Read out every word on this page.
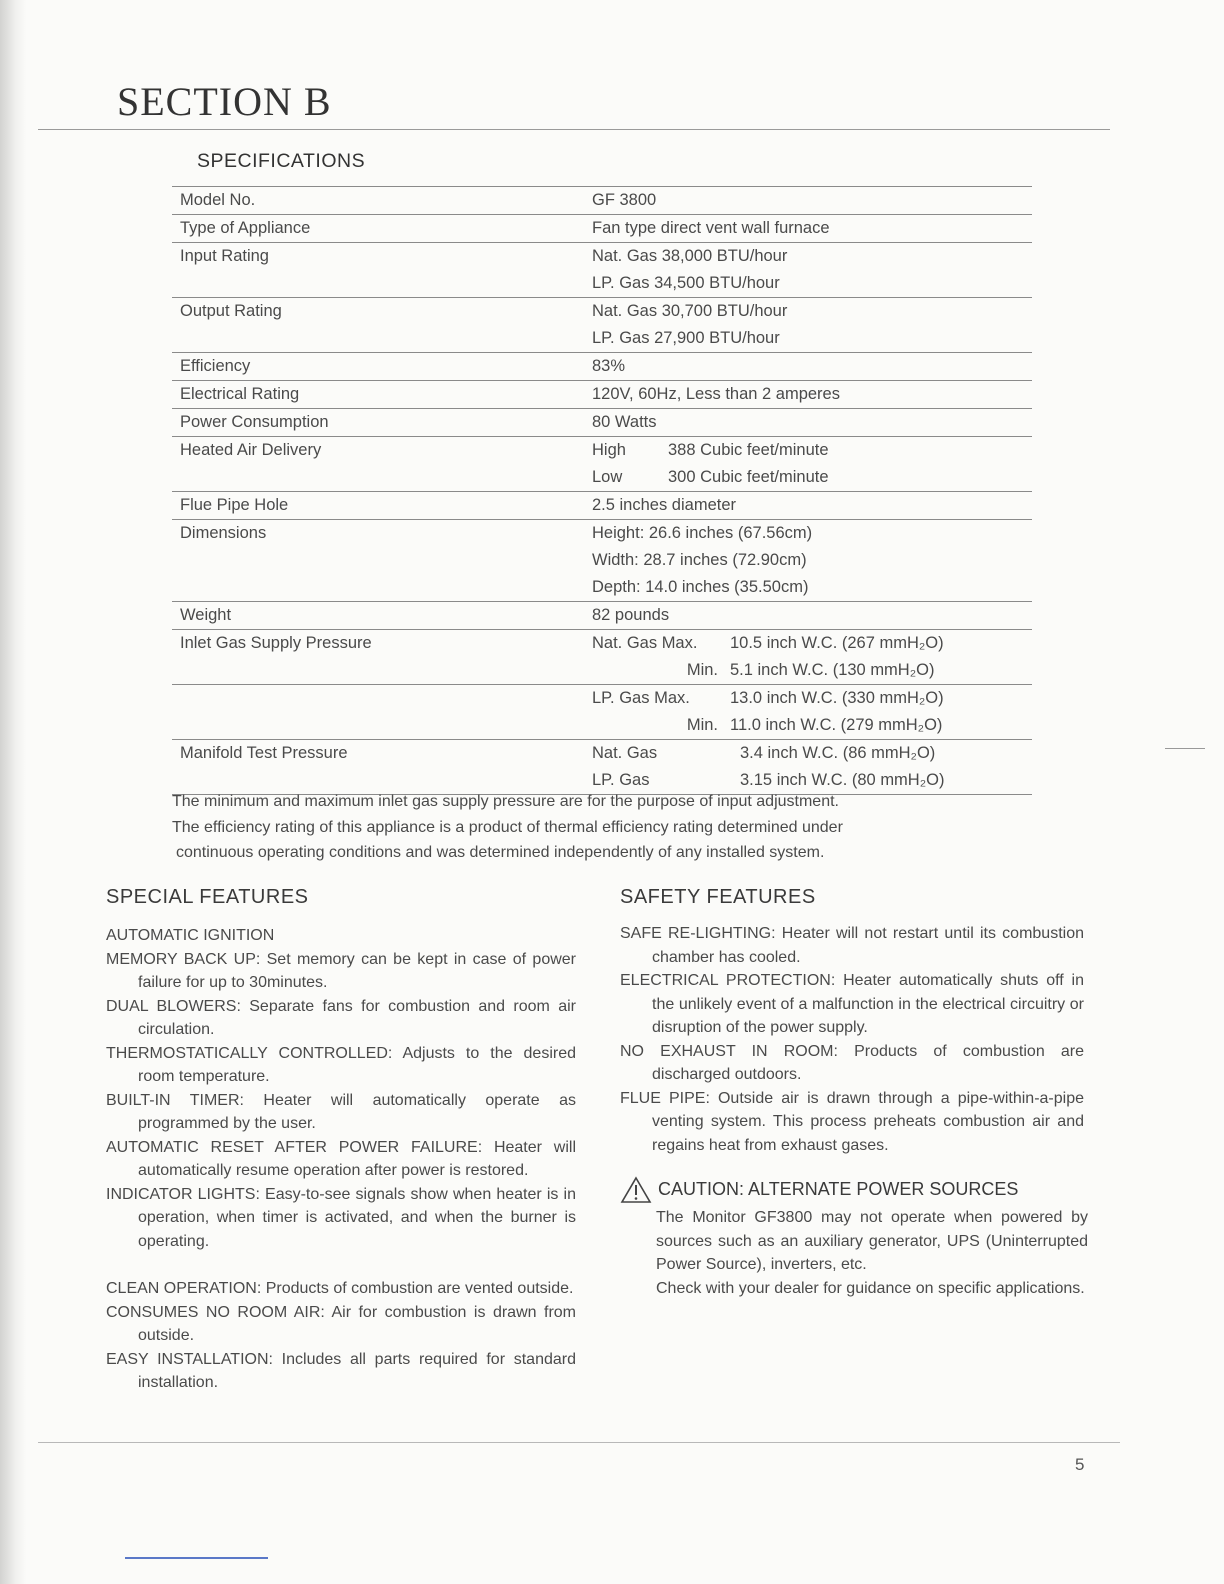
SECTION B
SPECIFICATIONS
Model No.	GF 3800
Type of Appliance	Fan type direct vent wall furnace
Input Rating	Nat. Gas 38,000 BTU/hour
	LP. Gas 34,500 BTU/hour
Output Rating	Nat. Gas 30,700 BTU/hour
	LP. Gas 27,900 BTU/hour
Efficiency	83%
Electrical Rating	120V, 60Hz, Less than 2 amperes
Power Consumption	80 Watts
Heated Air Delivery	High 388 Cubic feet/minute
	Low 300 Cubic feet/minute
Flue Pipe Hole	2.5 inches diameter
Dimensions	Height: 26.6 inches (67.56cm)
	Width: 28.7 inches (72.90cm)
	Depth: 14.0 inches (35.50cm)
Weight	82 pounds
Inlet Gas Supply Pressure	Nat. Gas Max. 10.5 inch W.C. (267 mmH₂O)
	Min. 5.1 inch W.C. (130 mmH₂O)
	LP. Gas Max. 13.0 inch W.C. (330 mmH₂O)
	Min. 11.0 inch W.C. (279 mmH₂O)
Manifold Test Pressure	Nat. Gas 3.4 inch W.C. (86 mmH₂O)
	LP. Gas 3.15 inch W.C. (80 mmH₂O)

The minimum and maximum inlet gas supply pressure are for the purpose of input adjustment.

The efficiency rating of this appliance is a product of thermal efficiency rating determined under

continuous operating conditions and was determined independently of any installed system.

SPECIAL FEATURES

AUTOMATIC IGNITION

MEMORY BACK UP: Set memory can be kept in case of power failure for up to 30minutes.

DUAL BLOWERS: Separate fans for combustion and room air circulation.

THERMOSTATICALLY CONTROLLED: Adjusts to the desired room temperature.

BUILT-IN TIMER: Heater will automatically operate as programmed by the user.

AUTOMATIC RESET AFTER POWER FAILURE: Heater will automatically resume operation after power is restored.

INDICATOR LIGHTS: Easy-to-see signals show when heater is in operation, when timer is activated, and when the burner is operating.

CLEAN OPERATION: Products of combustion are vented outside.

CONSUMES NO ROOM AIR: Air for combustion is drawn from outside.

EASY INSTALLATION: Includes all parts required for standard installation.

SAFETY FEATURES

SAFE RE-LIGHTING: Heater will not restart until its combustion chamber has cooled.

ELECTRICAL PROTECTION: Heater automatically shuts off in the unlikely event of a malfunction in the electrical circuitry or disruption of the power supply.

NO EXHAUST IN ROOM: Products of combustion are discharged outdoors.

FLUE PIPE: Outside air is drawn through a pipe-within-a-pipe venting system. This process preheats combustion air and regains heat from exhaust gases.

CAUTION: ALTERNATE POWER SOURCES

The Monitor GF3800 may not operate when powered by sources such as an auxiliary generator, UPS (Uninterrupted Power Source), inverters, etc.

Check with your dealer for guidance on specific applications.

5
